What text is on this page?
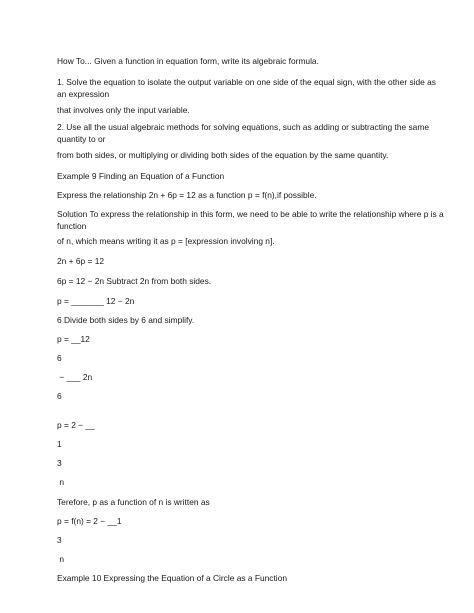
How To... Given a function in equation form, write its algebraic formula.
1. Solve the equation to isolate the output variable on one side of the equal sign, with the other side as an expression
that involves only the input variable.
2. Use all the usual algebraic methods for solving equations, such as adding or subtracting the same quantity to or
from both sides, or multiplying or dividing both sides of the equation by the same quantity.
Example 9 Finding an Equation of a Function
Express the relationship 2n + 6p = 12 as a function p = f(n),if possible.
Solution To express the relationship in this form, we need to be able to write the relationship where p is a function
of n, which means writing it as p = [expression involving n].
2n + 6p = 12
6p = 12 − 2n Subtract 2n from both sides.
p = _______ 12 − 2n
6 Divide both sides by 6 and simplify.
p = __12
6
− ___ 2n
6
p = 2 − __
1
3
n
Terefore, p as a function of n is written as
p = f(n) = 2 − __1
3
n
Example 10 Expressing the Equation of a Circle as a Function
